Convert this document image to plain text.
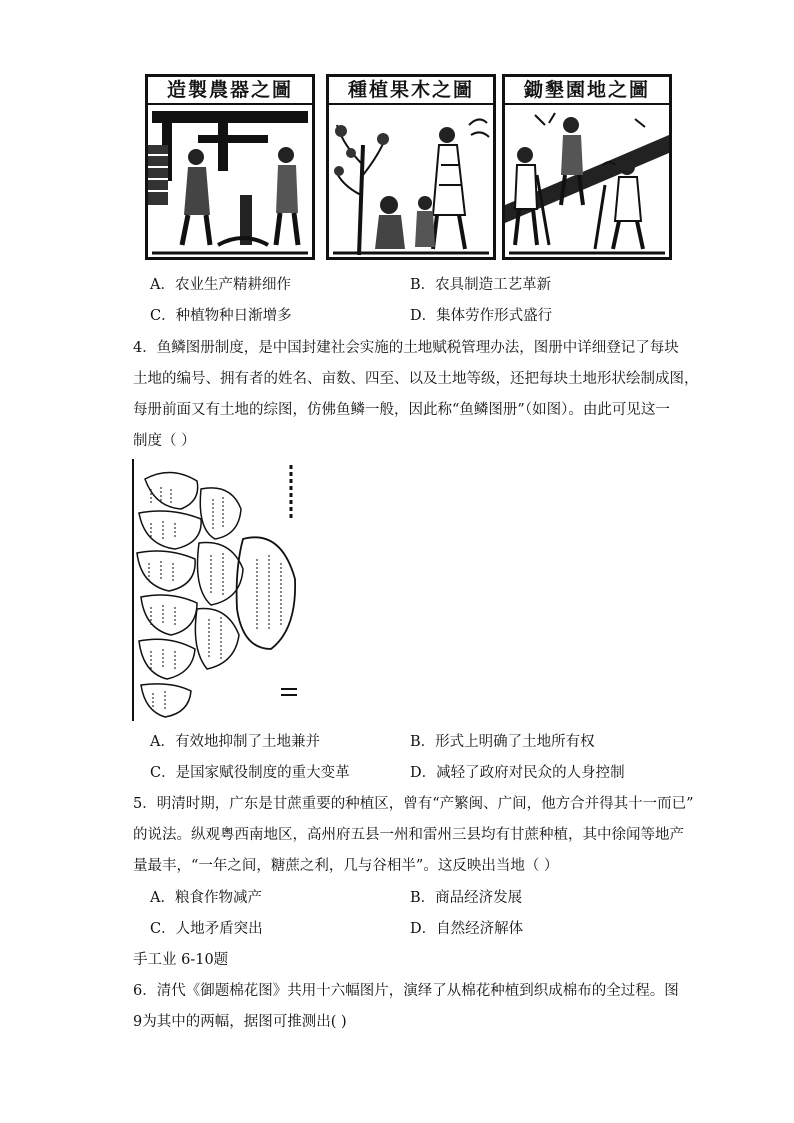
造製農器之圖	種植果木之圖	鋤墾園地之圖
A．农业生产精耕细作	B．农具制造工艺革新
C．种植物种日渐增多	D．集体劳作形式盛行
4．鱼鳞图册制度，是中国封建社会实施的土地赋税管理办法，图册中详细登记了每块
土地的编号、拥有者的姓名、亩数、四至、以及土地等级，还把每块土地形状绘制成图，
每册前面又有土地的综图，仿佛鱼鳞一般，因此称“鱼鳞图册”（如图）。由此可见这一
制度（ ）
A．有效地抑制了土地兼并	B．形式上明确了土地所有权
C．是国家赋役制度的重大变革	D．减轻了政府对民众的人身控制
5．明清时期，广东是甘蔗重要的种植区，曾有“产繁闽、广间，他方合并得其十一而已”
的说法。纵观粤西南地区，高州府五县一州和雷州三县均有甘蔗种植，其中徐闻等地产
量最丰，“一年之间，糖蔗之利，几与谷相半”。这反映出当地（ ）
A．粮食作物减产	B．商品经济发展
C．人地矛盾突出	D．自然经济解体
手工业 6-10题
6．清代《御题棉花图》共用十六幅图片，演绎了从棉花种植到织成棉布的全过程。图
9为其中的两幅，据图可推测出( )
